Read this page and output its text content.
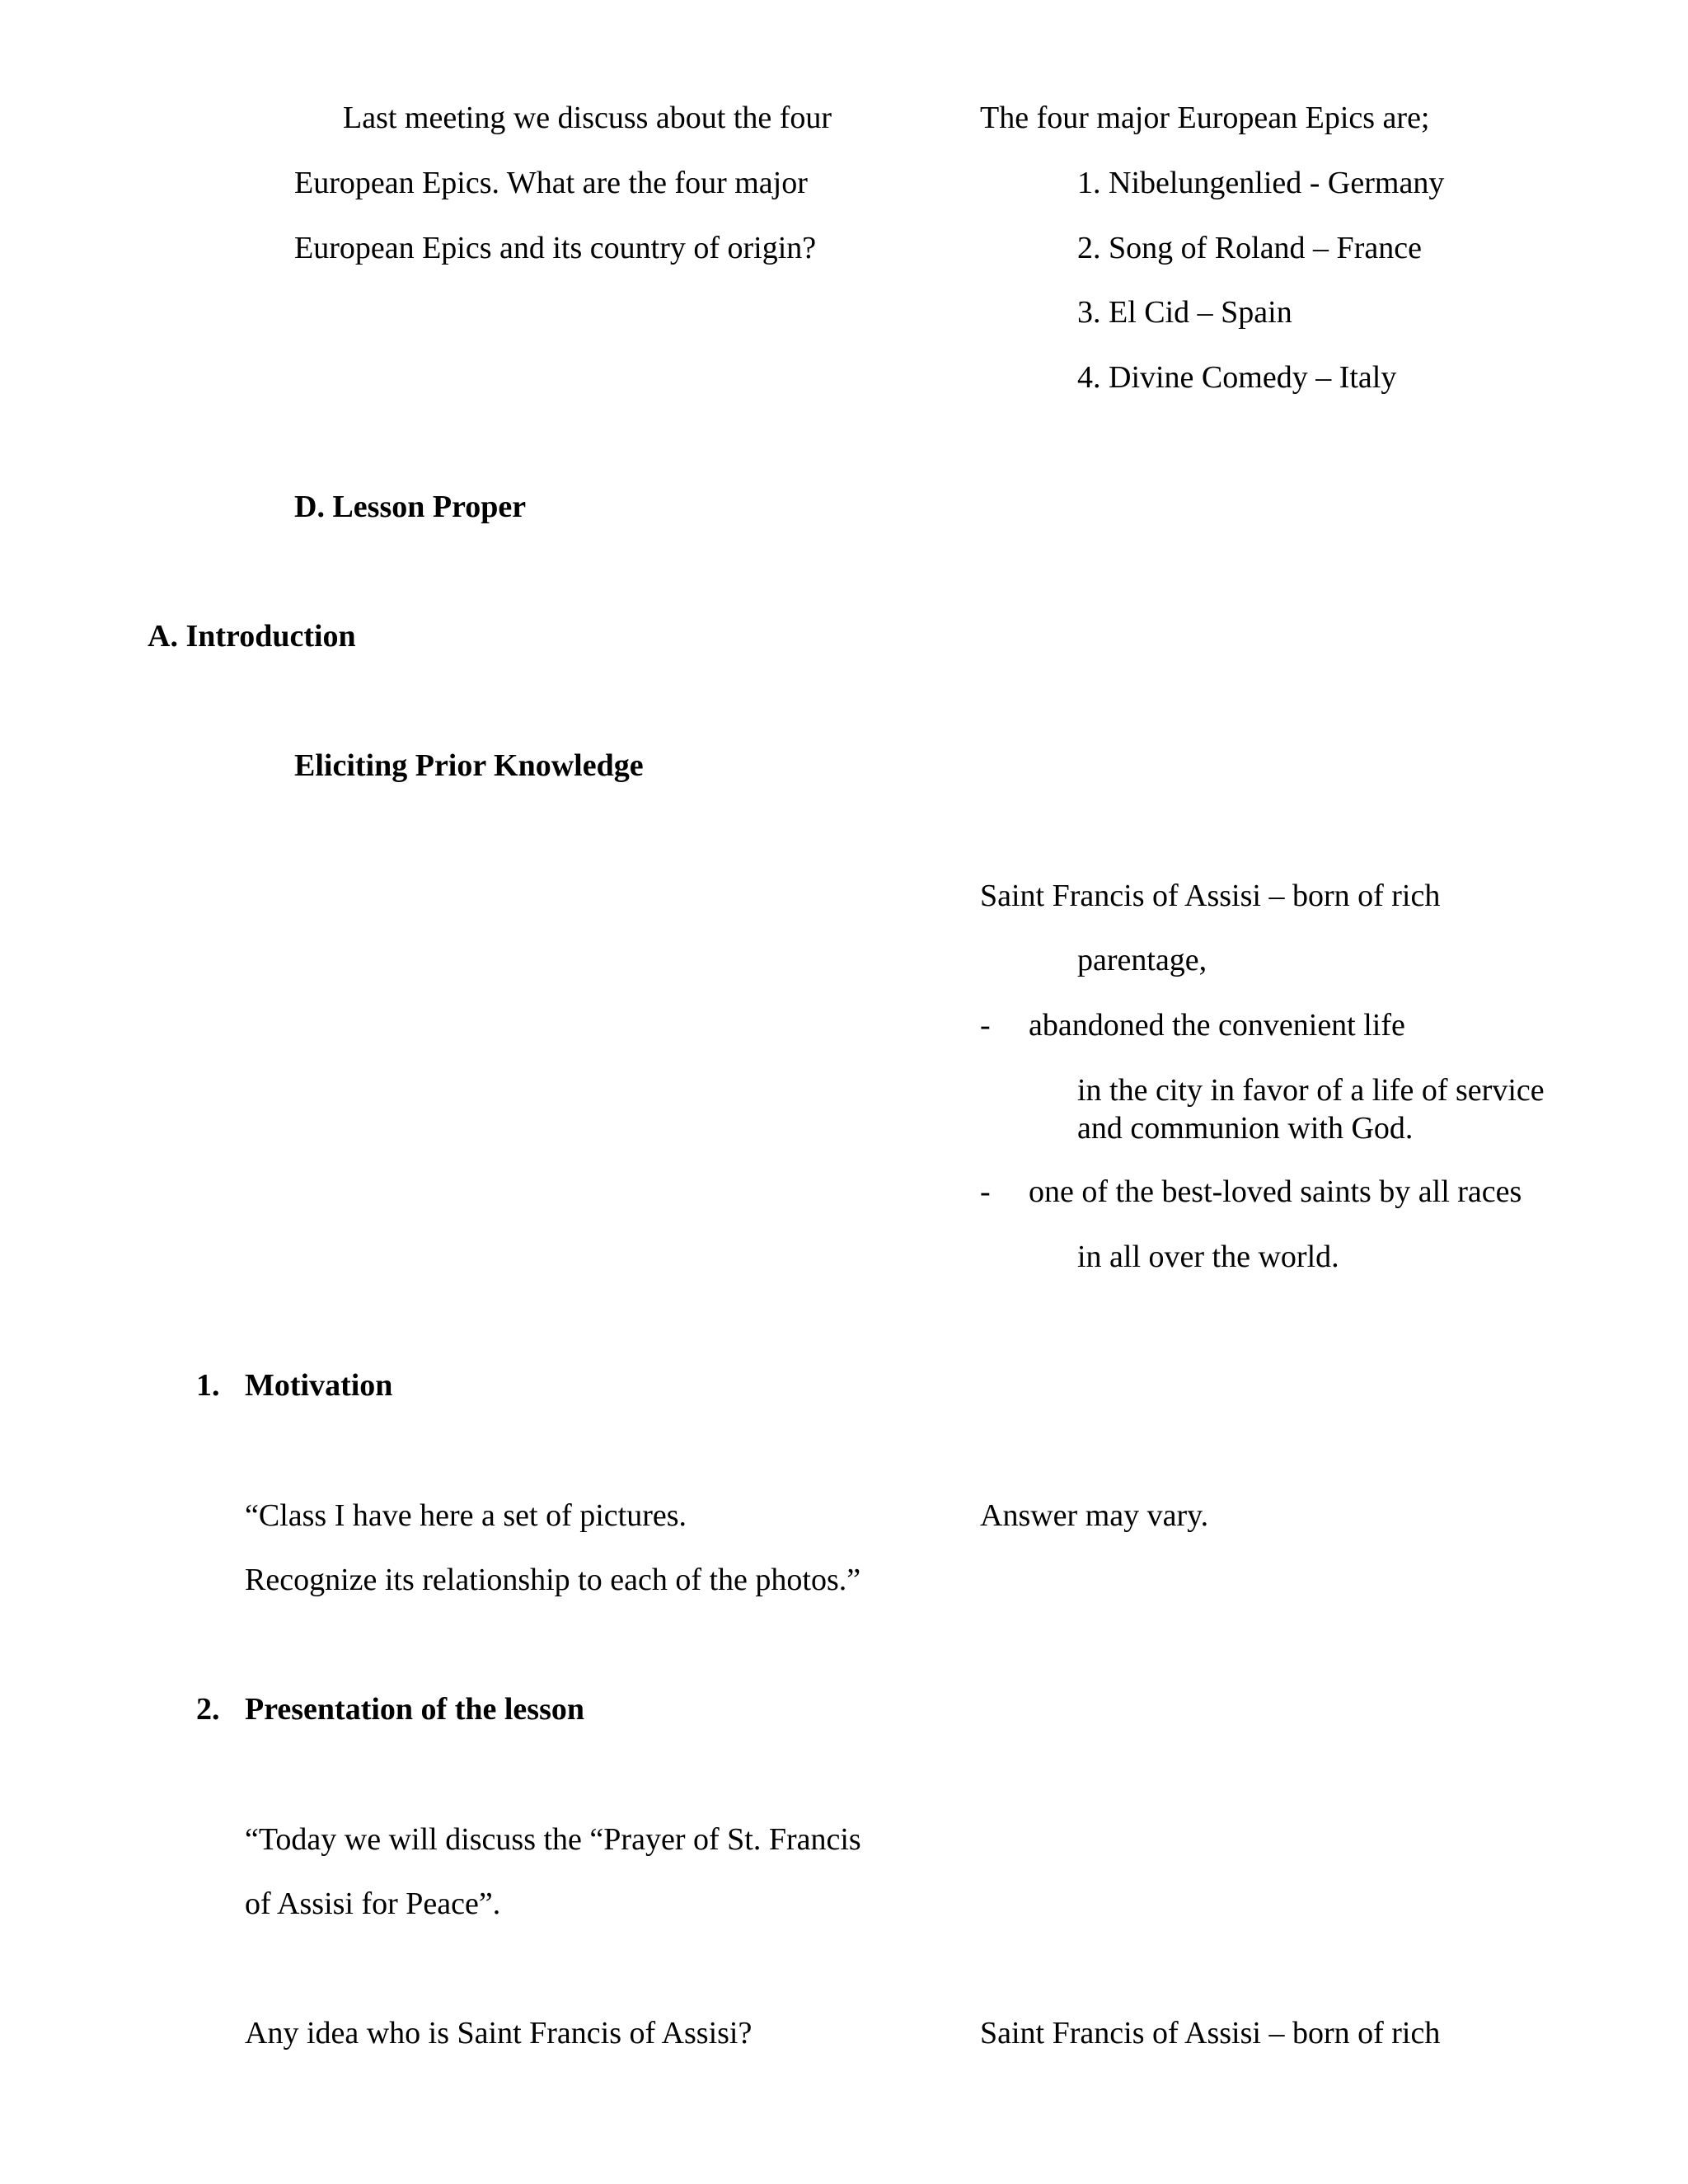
Last meeting we discuss about the four
European Epics. What are the four major
European Epics and its country of origin?
The four major European Epics are;
1. Nibelungenlied - Germany
2. Song of Roland – France
3. El Cid – Spain
4. Divine Comedy – Italy
D. Lesson Proper
A. Introduction
Eliciting Prior Knowledge
Saint Francis of Assisi – born of rich
parentage,
- abandoned the convenient life
in the city in favor of a life of service and communion with God.
- one of the best-loved saints by all races
in all over the world.
1. Motivation
“Class I have here a set of pictures.	Answer may vary.
Recognize its relationship to each of the photos.”
2. Presentation of the lesson
“Today we will discuss the “Prayer of St. Francis
of Assisi for Peace”.
Any idea who is Saint Francis of Assisi?	Saint Francis of Assisi – born of rich
